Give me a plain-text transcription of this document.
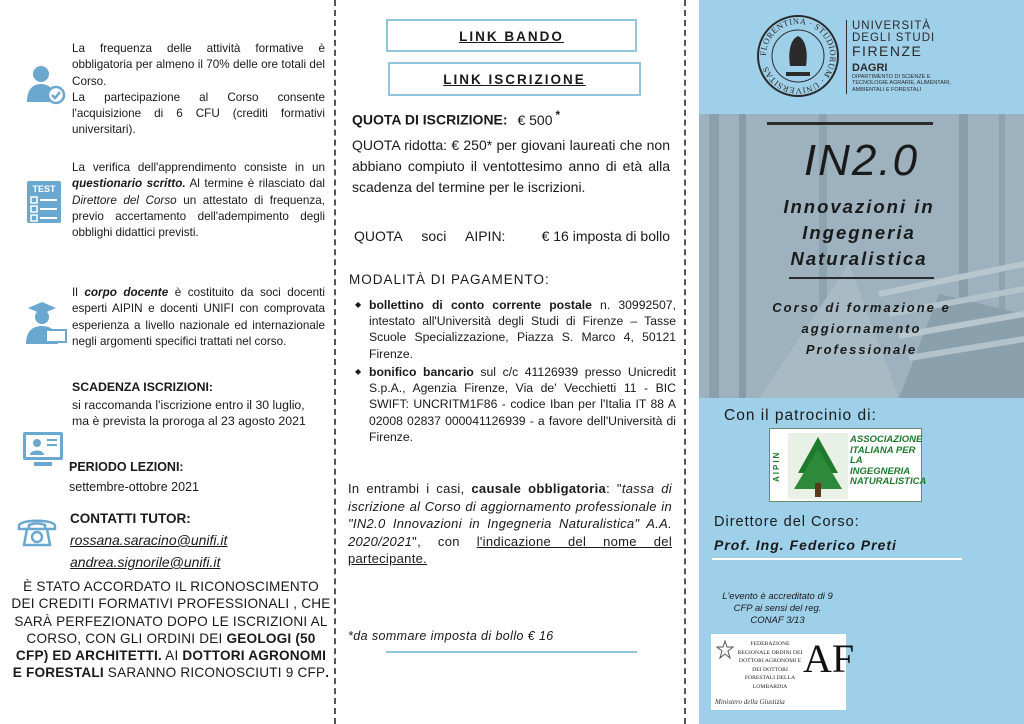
La frequenza delle attività formative è obbligatoria per almeno il 70% delle ore totali del Corso.

La partecipazione al Corso consente l'acquisizione di 6 CFU (crediti formativi universitari).

TEST
La verifica dell'apprendimento consiste in un questionario scritto. Al termine è rilasciato dal Direttore del Corso un attestato di frequenza, previo accertamento dell'adempimento degli obblighi didattici previsti.
Il corpo docente è costituito da soci docenti esperti AIPIN e docenti UNIFI con comprovata esperienza a livello nazionale ed internazionale negli argomenti specifici trattati nel corso.
SCADENZA ISCRIZIONI:
si raccomanda l'iscrizione entro il 30 luglio, ma è prevista la proroga al 23 agosto 2021
PERIODO LEZIONI:
settembre-ottobre 2021
CONTATTI TUTOR:
rossana.saracino@unifi.it
andrea.signorile@unifi.it
È STATO ACCORDATO IL RICONOSCIMENTO DEI CREDITI FORMATIVI PROFESSIONALI , CHE SARÀ PERFEZIONATO DOPO LE ISCRIZIONI AL CORSO, CON GLI ORDINI DEI GEOLOGI (50 CFP) ED ARCHITETTI. AI DOTTORI AGRONOMI E FORESTALI SARANNO RICONOSCIUTI 9 CFP.
LINK BANDO
LINK ISCRIZIONE
QUOTA DI ISCRIZIONE: € 500 *
QUOTA ridotta: € 250* per giovani laureati che non abbiano compiuto il ventottesimo anno di età alla scadenza del termine per le iscrizioni.
QUOTA     soci     AIPIN:	€ 16 imposta di bollo
MODALITÀ DI PAGAMENTO:
◆ bollettino di conto corrente postale n. 30992507, intestato all'Università degli Studi di Firenze – Tasse Scuole Specializzazione, Piazza S. Marco 4, 50121 Firenze.
◆ bonifico bancario sul c/c 41126939 presso Unicredit S.p.A., Agenzia Firenze, Via de' Vecchietti 11 - BIC SWIFT: UNCRITM1F86 - codice Iban per l'Italia IT 88 A 02008 02837 000041126939 - a favore dell'Università di Firenze.
In entrambi i casi, causale obbligatoria: "tassa di iscrizione al Corso di aggiornamento professionale in "IN2.0 Innovazioni in Ingegneria Naturalistica" A.A. 2020/2021", con l'indicazione del nome del partecipante.
*da sommare imposta di bollo € 16
FLORENTINA · STUDIORUM · UNIVERSITAS
UNIVERSITÀ
DEGLI STUDI
FIRENZE
DAGRI
DIPARTIMENTO DI SCIENZE E TECNOLOGIE AGRARIE, ALIMENTARI, AMBIENTALI E FORESTALI
IN2.0
Innovazioni in Ingegneria Naturalistica
Corso di formazione e aggiornamento Professionale
Con il patrocinio di:
AIPIN
ASSOCIAZIONE ITALIANA PER LA INGEGNERIA NATURALISTICA
Direttore del Corso:
Prof. Ing. Federico Preti
L'evento è accreditato di 9 CFP ai sensi del reg. CONAF 3/13
FEDERAZIONE REGIONALE ORDINI DEI DOTTORI AGRONOMI E DEI DOTTORI FORESTALI DELLA LOMBARDIA
AF
Ministero della Giustizia
